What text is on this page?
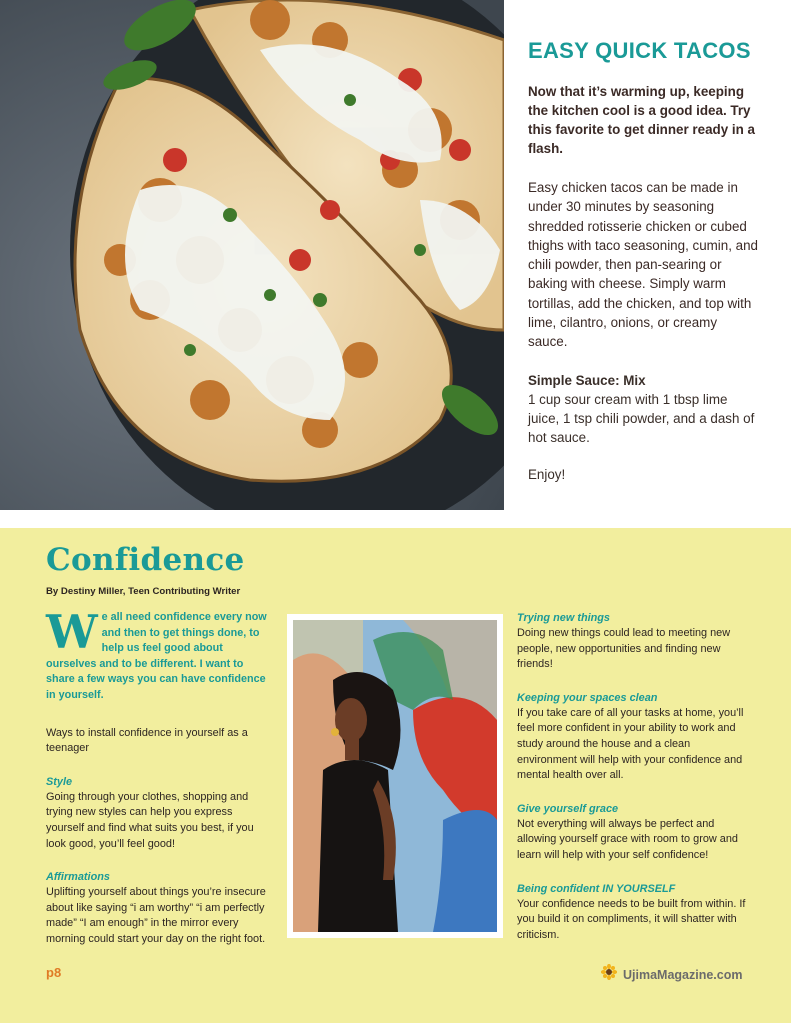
EASY QUICK TACOS

Now that it’s warming up, keeping the kitchen cool is a good idea. Try this favorite to get dinner ready in a flash.

Easy chicken tacos can be made in under 30 minutes by seasoning shredded rotisserie chicken or cubed thighs with taco seasoning, cumin, and chili powder, then pan-searing or baking with cheese. Simply warm tortillas, add the chicken, and top with lime, cilantro, onions, or creamy sauce.

Simple Sauce: Mix

1 cup sour cream with 1 tbsp lime juice, 1 tsp chili powder, and a dash of hot sauce.

Enjoy!

Confidence

By Destiny Miller, Teen Contributing Writer

We all need confidence every now and then to get things done, to help us feel good about ourselves and to be different. I want to share a few ways you can have confidence in yourself.

Ways to install confidence in yourself as a teenager

Style

Going through your clothes, shopping and trying new styles can help you express yourself and find what suits you best, if you look good, you’ll feel good!

Affirmations

Uplifting yourself about things you’re insecure about like saying “i am worthy” “i am perfectly made” “I am enough” in the mirror every morning could start your day on the right foot.

Trying new things

Doing new things could lead to meeting new people, new opportunities and finding new friends!

Keeping your spaces clean

If you take care of all your tasks at home, you’ll feel more confident in your ability to work and study around the house and a clean environment will help with your confidence and mental health over all.

Give yourself grace

Not everything will always be perfect and allowing yourself grace with room to grow and learn will help with your self confidence!

Being confident IN YOURSELF

Your confidence needs to be built from within. If you build it on compliments, it will shatter with criticism.

p8	UjimaMagazine.com
